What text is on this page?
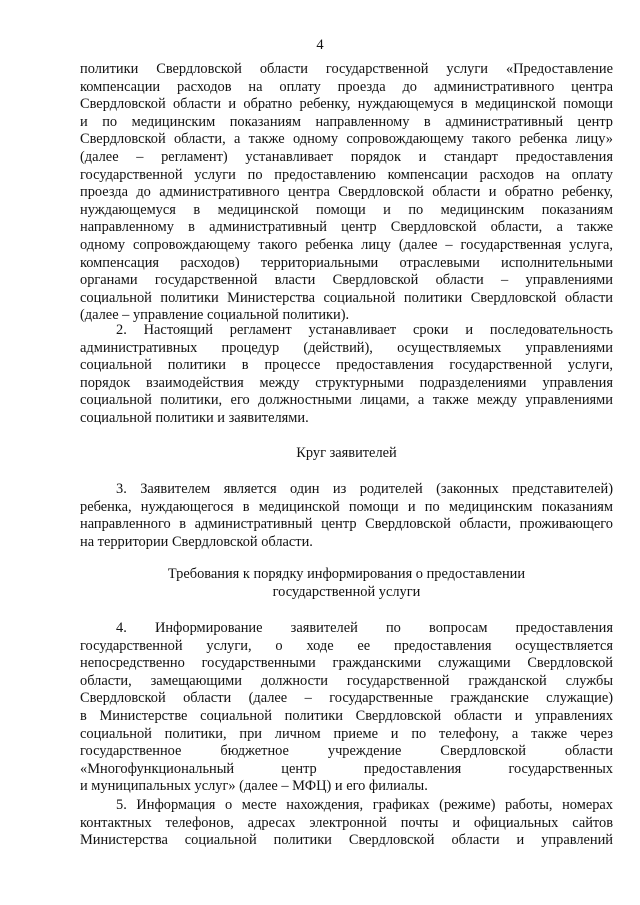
4
политики Свердловской области государственной услуги «Предоставление
компенсации расходов на оплату проезда до административного центра
Свердловской области и обратно ребенку, нуждающемуся в медицинской помощи
и по медицинским показаниям направленному в административный центр
Свердловской области, а также одному сопровождающему такого ребенка лицу»
(далее – регламент) устанавливает порядок и стандарт предоставления
государственной услуги по предоставлению компенсации расходов на оплату
проезда до административного центра Свердловской области и обратно ребенку,
нуждающемуся в медицинской помощи и по медицинским показаниям
направленному в административный центр Свердловской области, а также
одному сопровождающему такого ребенка лицу (далее – государственная услуга,
компенсация расходов) территориальными отраслевыми исполнительными
органами государственной власти Свердловской области – управлениями
социальной политики Министерства социальной политики Свердловской области
(далее – управление социальной политики).
2. Настоящий регламент устанавливает сроки и последовательность
административных процедур (действий), осуществляемых управлениями
социальной политики в процессе предоставления государственной услуги,
порядок взаимодействия между структурными подразделениями управления
социальной политики, его должностными лицами, а также между управлениями
социальной политики и заявителями.
Круг заявителей
3. Заявителем является один из родителей (законных представителей)
ребенка, нуждающегося в медицинской помощи и по медицинским показаниям
направленного в административный центр Свердловской области, проживающего
на территории Свердловской области.
Требования к порядку информирования о предоставлении
государственной услуги
4. Информирование заявителей по вопросам предоставления
государственной услуги, о ходе ее предоставления осуществляется
непосредственно государственными гражданскими служащими Свердловской
области, замещающими должности государственной гражданской службы
Свердловской области (далее – государственные гражданские служащие)
в Министерстве социальной политики Свердловской области и управлениях
социальной политики, при личном приеме и по телефону, а также через
государственное бюджетное учреждение Свердловской области
«Многофункциональный центр предоставления государственных
и муниципальных услуг» (далее – МФЦ) и его филиалы.
5. Информация о месте нахождения, графиках (режиме) работы, номерах
контактных телефонов, адресах электронной почты и официальных сайтов
Министерства социальной политики Свердловской области и управлений
